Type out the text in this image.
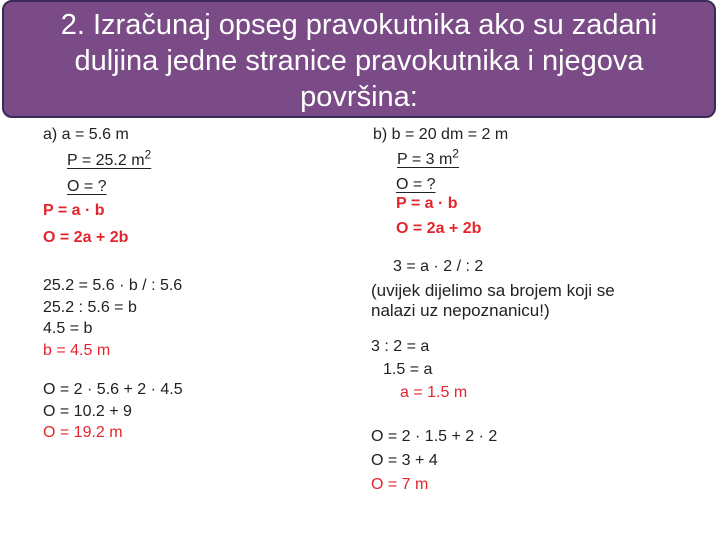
2. Izračunaj opseg pravokutnika ako su zadani duljina jedne stranice pravokutnika i njegova površina:
a) a = 5.6 m
P = 25.2 $m^2$
O = ?
P = a · b
O = 2a + 2b
25.2 = 5.6 · b / : 5.6
25.2 : 5.6 = b
4.5 = b
b = 4.5 m
O = 2 · 5.6 + 2 · 4.5
O = 10.2 + 9
O = 19.2 m
b) b = 20 dm = 2 m
P = 3 $m^2$
O = ?
P = a · b
O = 2a + 2b
3 = a · 2 / : 2
(uvijek dijelimo sa brojem koji se
nalazi uz nepoznanicu!)
3 : 2 = a
1.5 = a
a = 1.5 m
O = 2 · 1.5 + 2 · 2
O = 3 + 4
O = 7 m
